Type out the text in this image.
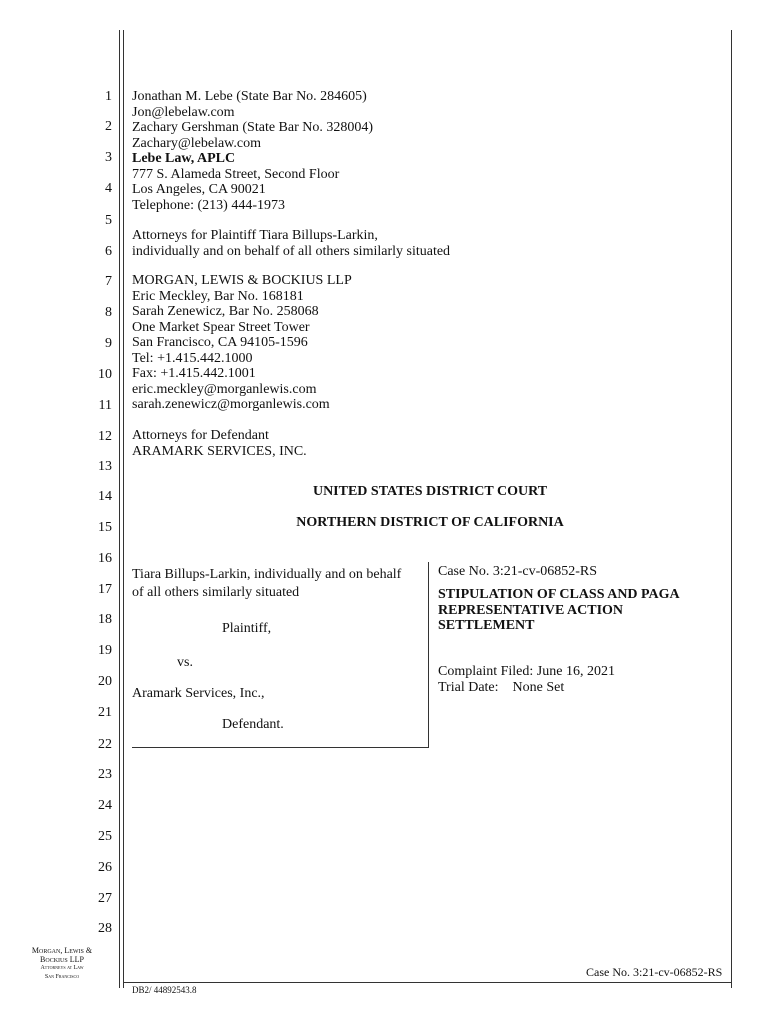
1
2
3
4
5
6
7
8
9
10
11
12
13
14
15
16
17
18
19
20
21
22
23
24
25
26
27
28
Jonathan M. Lebe (State Bar No. 284605)
Jon@lebelaw.com
Zachary Gershman (State Bar No. 328004)
Zachary@lebelaw.com
Lebe Law, APLC
777 S. Alameda Street, Second Floor
Los Angeles, CA 90021
Telephone: (213) 444-1973
Attorneys for Plaintiff Tiara Billups-Larkin,
individually and on behalf of all others similarly situated
MORGAN, LEWIS & BOCKIUS LLP
Eric Meckley, Bar No. 168181
Sarah Zenewicz, Bar No. 258068
One Market Spear Street Tower
San Francisco, CA 94105-1596
Tel: +1.415.442.1000
Fax: +1.415.442.1001
eric.meckley@morganlewis.com
sarah.zenewicz@morganlewis.com
Attorneys for Defendant
ARAMARK SERVICES, INC.
UNITED STATES DISTRICT COURT
NORTHERN DISTRICT OF CALIFORNIA
Tiara Billups-Larkin, individually and on behalf
of all others similarly situated
Plaintiff,
vs.
Aramark Services, Inc.,
Defendant.
Case No. 3:21-cv-06852-RS
STIPULATION OF CLASS AND PAGA
REPRESENTATIVE ACTION
SETTLEMENT
Complaint Filed: June 16, 2021
Trial Date:    None Set
Morgan, Lewis &
Bockius LLP
Attorneys at Law
San Francisco	Case No. 3:21-cv-06852-RS
DB2/ 44892543.8
